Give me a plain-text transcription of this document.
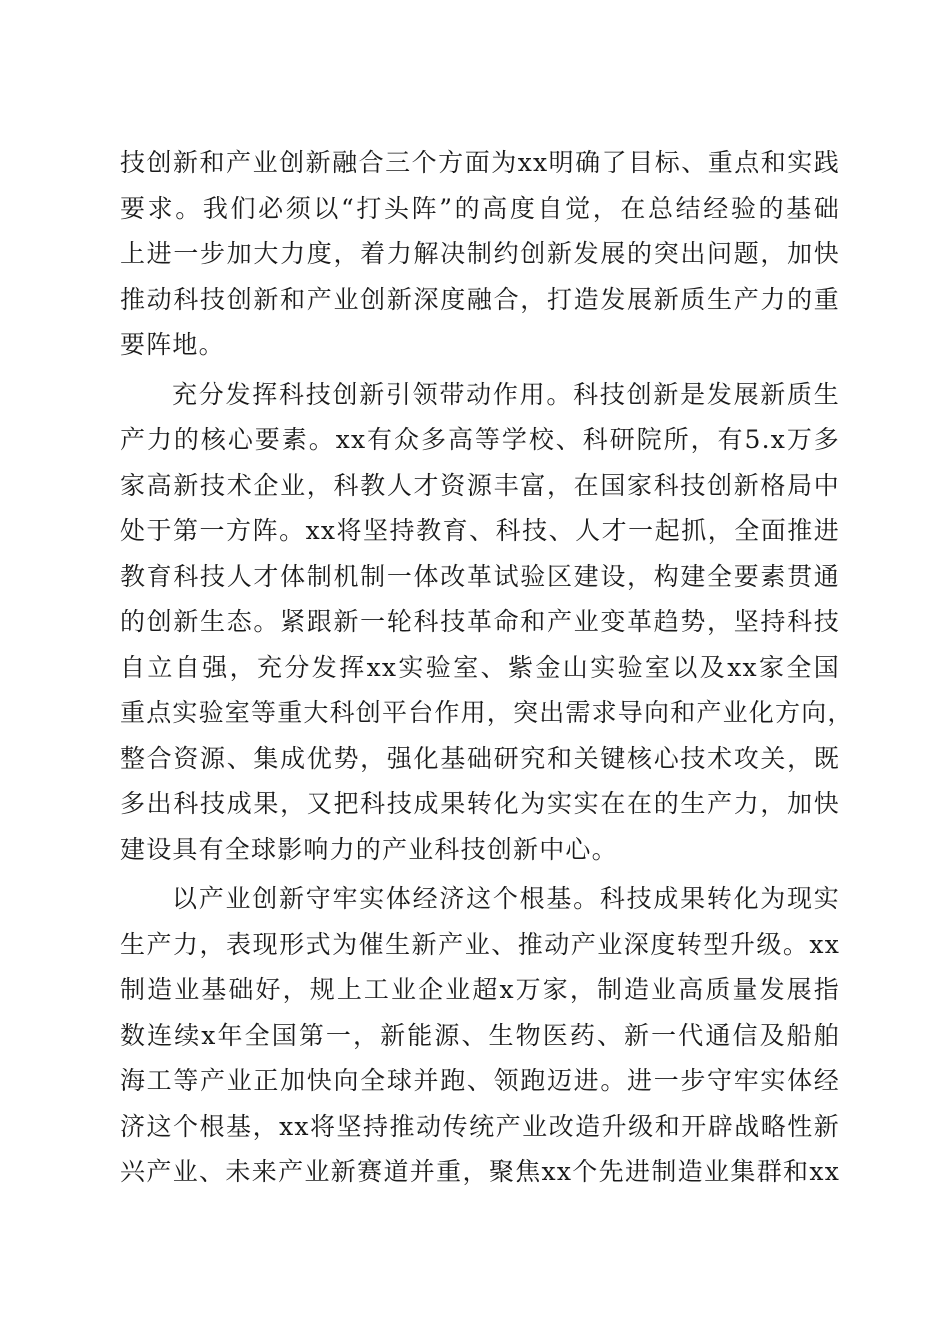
技创新和产业创新融合三个方面为xx明确了目标、重点和实践
要求。我们必须以“打头阵”的高度自觉，在总结经验的基础
上进一步加大力度，着力解决制约创新发展的突出问题，加快
推动科技创新和产业创新深度融合，打造发展新质生产力的重
要阵地。
充分发挥科技创新引领带动作用。科技创新是发展新质生
产力的核心要素。xx有众多高等学校、科研院所，有5.x万多
家高新技术企业，科教人才资源丰富，在国家科技创新格局中
处于第一方阵。xx将坚持教育、科技、人才一起抓，全面推进
教育科技人才体制机制一体改革试验区建设，构建全要素贯通
的创新生态。紧跟新一轮科技革命和产业变革趋势，坚持科技
自立自强，充分发挥xx实验室、紫金山实验室以及xx家全国
重点实验室等重大科创平台作用，突出需求导向和产业化方向，
整合资源、集成优势，强化基础研究和关键核心技术攻关，既
多出科技成果，又把科技成果转化为实实在在的生产力，加快
建设具有全球影响力的产业科技创新中心。
以产业创新守牢实体经济这个根基。科技成果转化为现实
生产力，表现形式为催生新产业、推动产业深度转型升级。xx
制造业基础好，规上工业企业超x万家，制造业高质量发展指
数连续x年全国第一，新能源、生物医药、新一代通信及船舶
海工等产业正加快向全球并跑、领跑迈进。进一步守牢实体经
济这个根基，xx将坚持推动传统产业改造升级和开辟战略性新
兴产业、未来产业新赛道并重，聚焦xx个先进制造业集群和xx
